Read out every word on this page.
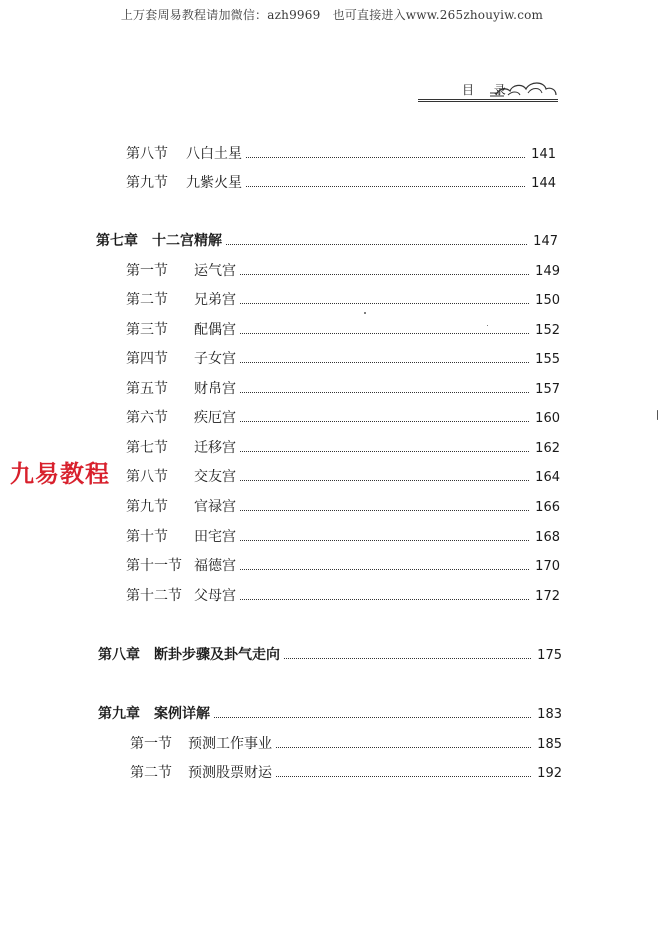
上万套周易教程请加微信：azh9969　也可直接进入www.265zhouyiw.com
目 录
九易教程
第八节	八白土星	141
第九节	九紫火星	144
第七章　十二宫精解	147
第一节	运气宫	149
第二节	兄弟宫	150
第三节	配偶宫	152
第四节	子女宫	155
第五节	财帛宫	157
第六节	疾厄宫	160
第七节	迁移宫	162
第八节	交友宫	164
第九节	官禄宫	166
第十节	田宅宫	168
第十一节 福德宫	170
第十二节 父母宫	172
第八章　断卦步骤及卦气走向	175
第九章　案例详解	183
第一节	预测工作事业	185
第二节	预测股票财运	192
